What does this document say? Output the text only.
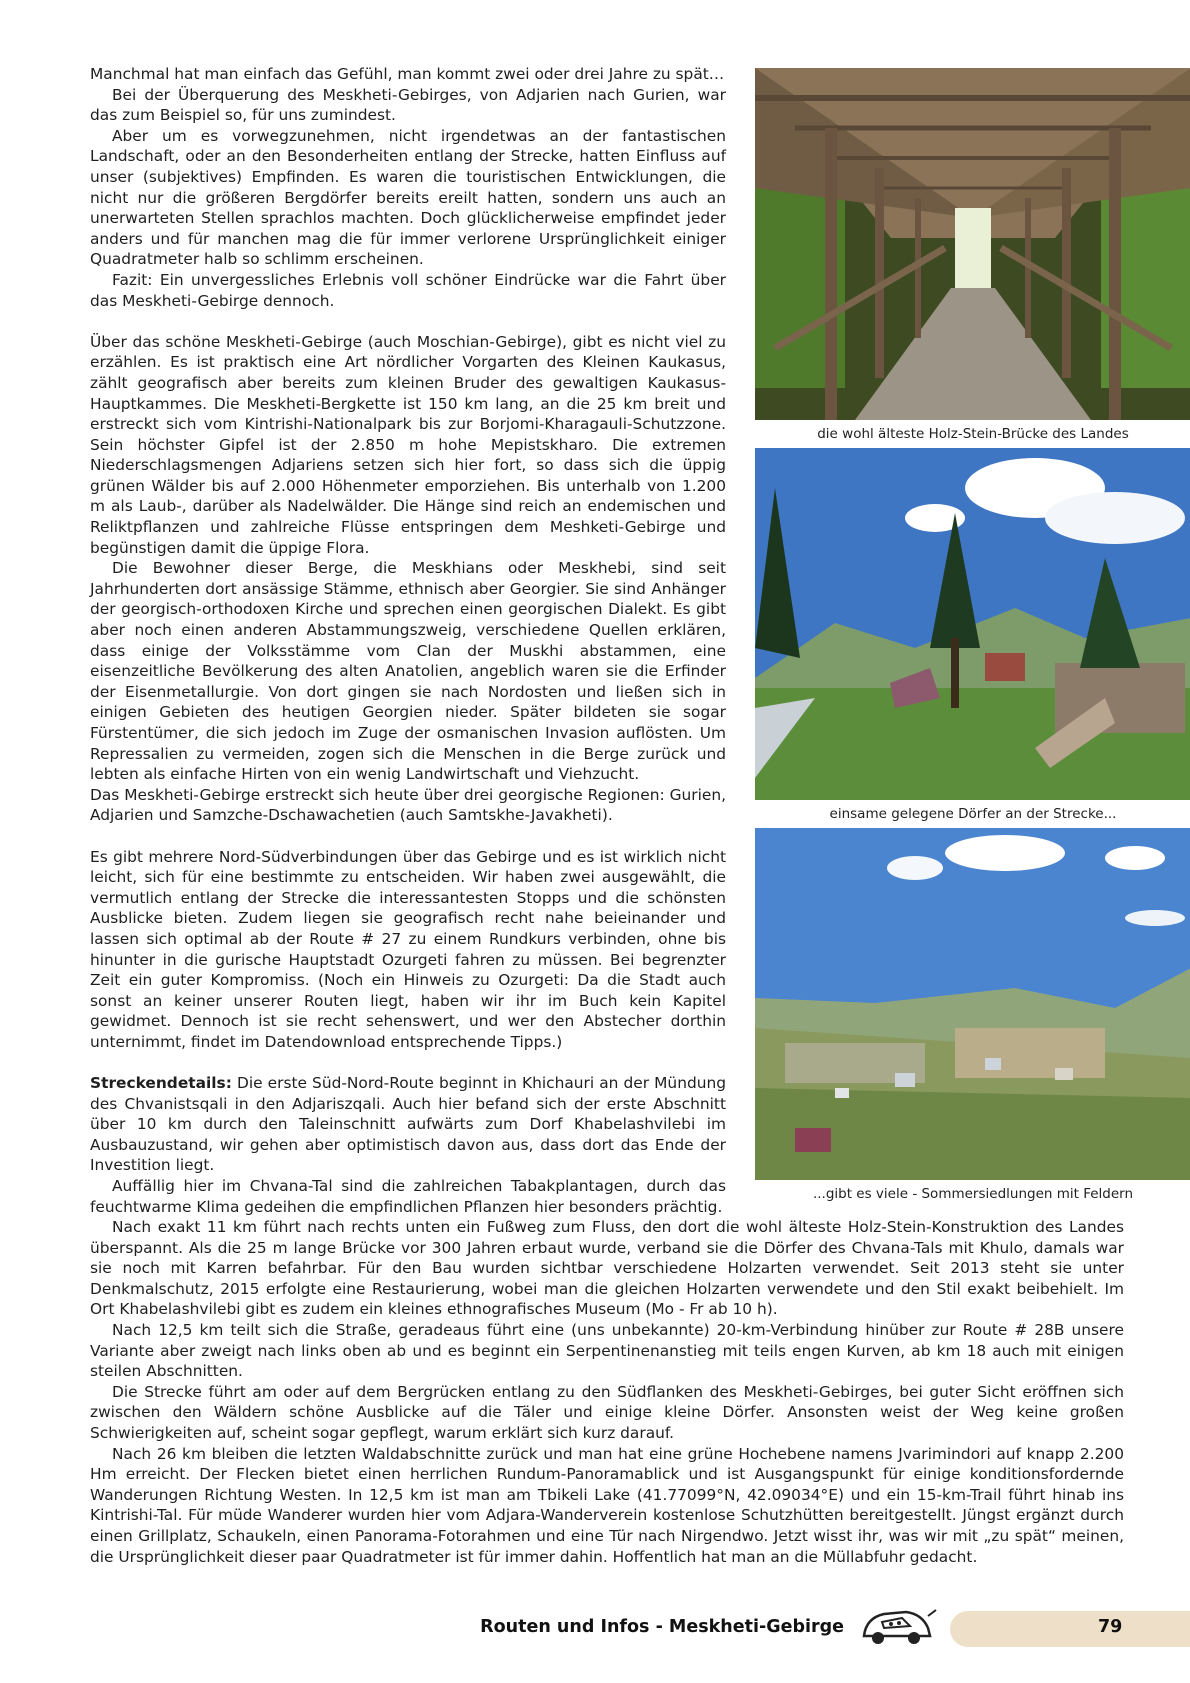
Manchmal hat man einfach das Gefühl, man kommt zwei oder drei Jahre zu spät…

Bei der Überquerung des Meskheti-Gebirges, von Adjarien nach Gurien, war das zum Beispiel so, für uns zumindest.

Aber um es vorwegzunehmen, nicht irgendetwas an der fantastischen Landschaft, oder an den Besonderheiten entlang der Strecke, hatten Einfluss auf unser (subjektives) Empfinden. Es waren die touristischen Entwicklungen, die nicht nur die größeren Bergdörfer bereits ereilt hatten, sondern uns auch an unerwarteten Stellen sprachlos machten. Doch glücklicherweise empfindet jeder anders und für manchen mag die für immer verlorene Ursprünglichkeit einiger Quadratmeter halb so schlimm erscheinen.

Fazit: Ein unvergessliches Erlebnis voll schöner Eindrücke war die Fahrt über das Meskheti-Gebirge dennoch.

Über das schöne Meskheti-Gebirge (auch Moschian-Gebirge), gibt es nicht viel zu erzählen. Es ist praktisch eine Art nördlicher Vorgarten des Kleinen Kaukasus, zählt geografisch aber bereits zum kleinen Bruder des gewaltigen Kaukasus-Hauptkammes. Die Meskheti-Bergkette ist 150 km lang, an die 25 km breit und erstreckt sich vom Kintrishi-Nationalpark bis zur Borjomi-Kharagauli-Schutzzone. Sein höchster Gipfel ist der 2.850 m hohe Mepistskharo. Die extremen Niederschlagsmengen Adjariens setzen sich hier fort, so dass sich die üppig grünen Wälder bis auf 2.000 Höhenmeter emporziehen. Bis unterhalb von 1.200 m als Laub-, darüber als Nadelwälder. Die Hänge sind reich an endemischen und Reliktpflanzen und zahlreiche Flüsse entspringen dem Meshketi-Gebirge und begünstigen damit die üppige Flora.

Die Bewohner dieser Berge, die Meskhians oder Meskhebi, sind seit Jahrhunderten dort ansässige Stämme, ethnisch aber Georgier. Sie sind Anhänger der georgisch-orthodoxen Kirche und sprechen einen georgischen Dialekt. Es gibt aber noch einen anderen Abstammungszweig, verschiedene Quellen erklären, dass einige der Volksstämme vom Clan der Muskhi abstammen, eine eisenzeitliche Bevölkerung des alten Anatolien, angeblich waren sie die Erfinder der Eisenmetallurgie. Von dort gingen sie nach Nordosten und ließen sich in einigen Gebieten des heutigen Georgien nieder. Später bildeten sie sogar Fürstentümer, die sich jedoch im Zuge der osmanischen Invasion auflösten. Um Repressalien zu vermeiden, zogen sich die Menschen in die Berge zurück und lebten als einfache Hirten von ein wenig Landwirtschaft und Viehzucht.

Das Meskheti-Gebirge erstreckt sich heute über drei georgische Regionen: Gurien, Adjarien und Samzche-Dschawachetien (auch Samtskhe-Javakheti).

Es gibt mehrere Nord-Südverbindungen über das Gebirge und es ist wirklich nicht leicht, sich für eine bestimmte zu entscheiden. Wir haben zwei ausgewählt, die vermutlich entlang der Strecke die interessantesten Stopps und die schönsten Ausblicke bieten. Zudem liegen sie geografisch recht nahe beieinander und lassen sich optimal ab der Route # 27 zu einem Rundkurs verbinden, ohne bis hinunter in die gurische Hauptstadt Ozurgeti fahren zu müssen. Bei begrenzter Zeit ein guter Kompromiss. (Noch ein Hinweis zu Ozurgeti: Da die Stadt auch sonst an keiner unserer Routen liegt, haben wir ihr im Buch kein Kapitel gewidmet. Dennoch ist sie recht sehenswert, und wer den Abstecher dorthin unternimmt, findet im Datendownload entsprechende Tipps.)

Streckendetails: Die erste Süd-Nord-Route beginnt in Khichauri an der Mündung des Chvanistsqali in den Adjariszqali. Auch hier befand sich der erste Abschnitt über 10 km durch den Taleinschnitt aufwärts zum Dorf Khabelashvilebi im Ausbauzustand, wir gehen aber optimistisch davon aus, dass dort das Ende der Investition liegt.

Auffällig hier im Chvana-Tal sind die zahlreichen Tabakplantagen, durch das feuchtwarme Klima gedeihen die empfindlichen Pflanzen hier besonders prächtig.

Nach exakt 11 km führt nach rechts unten ein Fußweg zum Fluss, den dort die wohl älteste Holz-Stein-Konstruktion des Landes überspannt. Als die 25 m lange Brücke vor 300 Jahren erbaut wurde, verband sie die Dörfer des Chvana-Tals mit Khulo, damals war sie noch mit Karren befahrbar. Für den Bau wurden sichtbar verschiedene Holzarten verwendet. Seit 2013 steht sie unter Denkmalschutz, 2015 erfolgte eine Restaurierung, wobei man die gleichen Holzarten verwendete und den Stil exakt beibehielt. Im Ort Khabelashvilebi gibt es zudem ein kleines ethnografisches Museum (Mo - Fr ab 10 h).

Nach 12,5 km teilt sich die Straße, geradeaus führt eine (uns unbekannte) 20-km-Verbindung hinüber zur Route # 28B unsere Variante aber zweigt nach links oben ab und es beginnt ein Serpentinenanstieg mit teils engen Kurven, ab km 18 auch mit einigen steilen Abschnitten.

Die Strecke führt am oder auf dem Bergrücken entlang zu den Südflanken des Meskheti-Gebirges, bei guter Sicht eröffnen sich zwischen den Wäldern schöne Ausblicke auf die Täler und einige kleine Dörfer. Ansonsten weist der Weg keine großen Schwierigkeiten auf, scheint sogar gepflegt, warum erklärt sich kurz darauf.

Nach 26 km bleiben die letzten Waldabschnitte zurück und man hat eine grüne Hochebene namens Jvarimindori auf knapp 2.200 Hm erreicht. Der Flecken bietet einen herrlichen Rundum-Panoramablick und ist Ausgangspunkt für einige konditionsfordernde Wanderungen Richtung Westen. In 12,5 km ist man am Tbikeli Lake (41.77099°N, 42.09034°E) und ein 15-km-Trail führt hinab ins Kintrishi-Tal. Für müde Wanderer wurden hier vom Adjara-Wanderverein kostenlose Schutzhütten bereitgestellt. Jüngst ergänzt durch einen Grillplatz, Schaukeln, einen Panorama-Fotorahmen und eine Tür nach Nirgendwo. Jetzt wisst ihr, was wir mit „zu spät“ meinen, die Ursprünglichkeit dieser paar Quadratmeter ist für immer dahin. Hoffentlich hat man an die Müllabfuhr gedacht.

die wohl älteste Holz-Stein-Brücke des Landes
einsame gelegene Dörfer an der Strecke...
...gibt es viele - Sommersiedlungen mit Feldern
Routen und Infos - Meskheti-Gebirge	79
